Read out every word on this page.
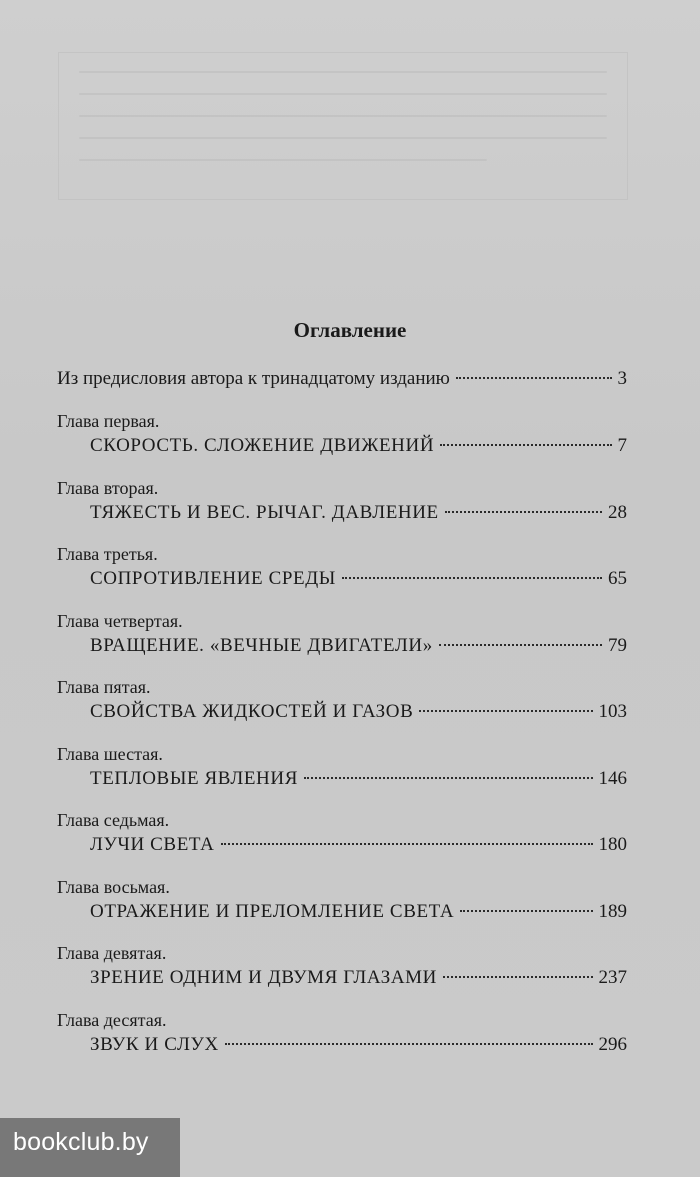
Оглавление
Из предисловия автора к тринадцатому изданию	3
Глава первая.
СКОРОСТЬ. СЛОЖЕНИЕ ДВИЖЕНИЙ	7
Глава вторая.
ТЯЖЕСТЬ И ВЕС. РЫЧАГ. ДАВЛЕНИЕ	28
Глава третья.
СОПРОТИВЛЕНИЕ СРЕДЫ	65
Глава четвертая.
ВРАЩЕНИЕ. «ВЕЧНЫЕ ДВИГАТЕЛИ»	79
Глава пятая.
СВОЙСТВА ЖИДКОСТЕЙ И ГАЗОВ	103
Глава шестая.
ТЕПЛОВЫЕ ЯВЛЕНИЯ	146
Глава седьмая.
ЛУЧИ СВЕТА	180
Глава восьмая.
ОТРАЖЕНИЕ И ПРЕЛОМЛЕНИЕ СВЕТА	189
Глава девятая.
ЗРЕНИЕ ОДНИМ И ДВУМЯ ГЛАЗАМИ	237
Глава десятая.
ЗВУК И СЛУХ	296
bookclub.by
